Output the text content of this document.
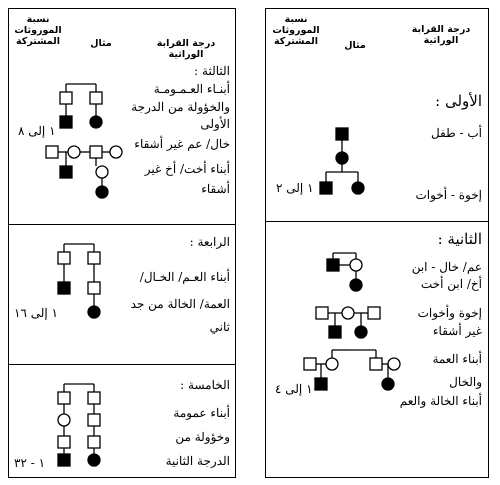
درجة القرابة الوراثية
مثال
نسبة المورو‌ثات المشتركة
الأولى :
أب - طفل
إخوة - أخوات
١ إلى ٢
الثانية :
عم/ خال - ابن
أخ/ ابن أخت
إخوة وأخوات
غير أشقاء
أبناء العمة
والخال
أبناء الخالة والعم
١ إلى ٤
درجة القرابة الوراثية
مثال
نسبة المورو‌ثات المشتركة
الثالثة :
أبنـاء العـمـومـة
والخؤولة من الدرجة
الأولى
خال/ عم غير أشقاء
أبناء أخت/ أخ غير
أشقاء
١ إلى ٨
الرابعة :
أبناء العـم/ الخـال/
العمة/ الخالة من جد
ثاني
١ إلى ١٦
الخامسة :
أبناء عمومة
وخؤولة من
الدرجة الثانية
١ - ٣٢
